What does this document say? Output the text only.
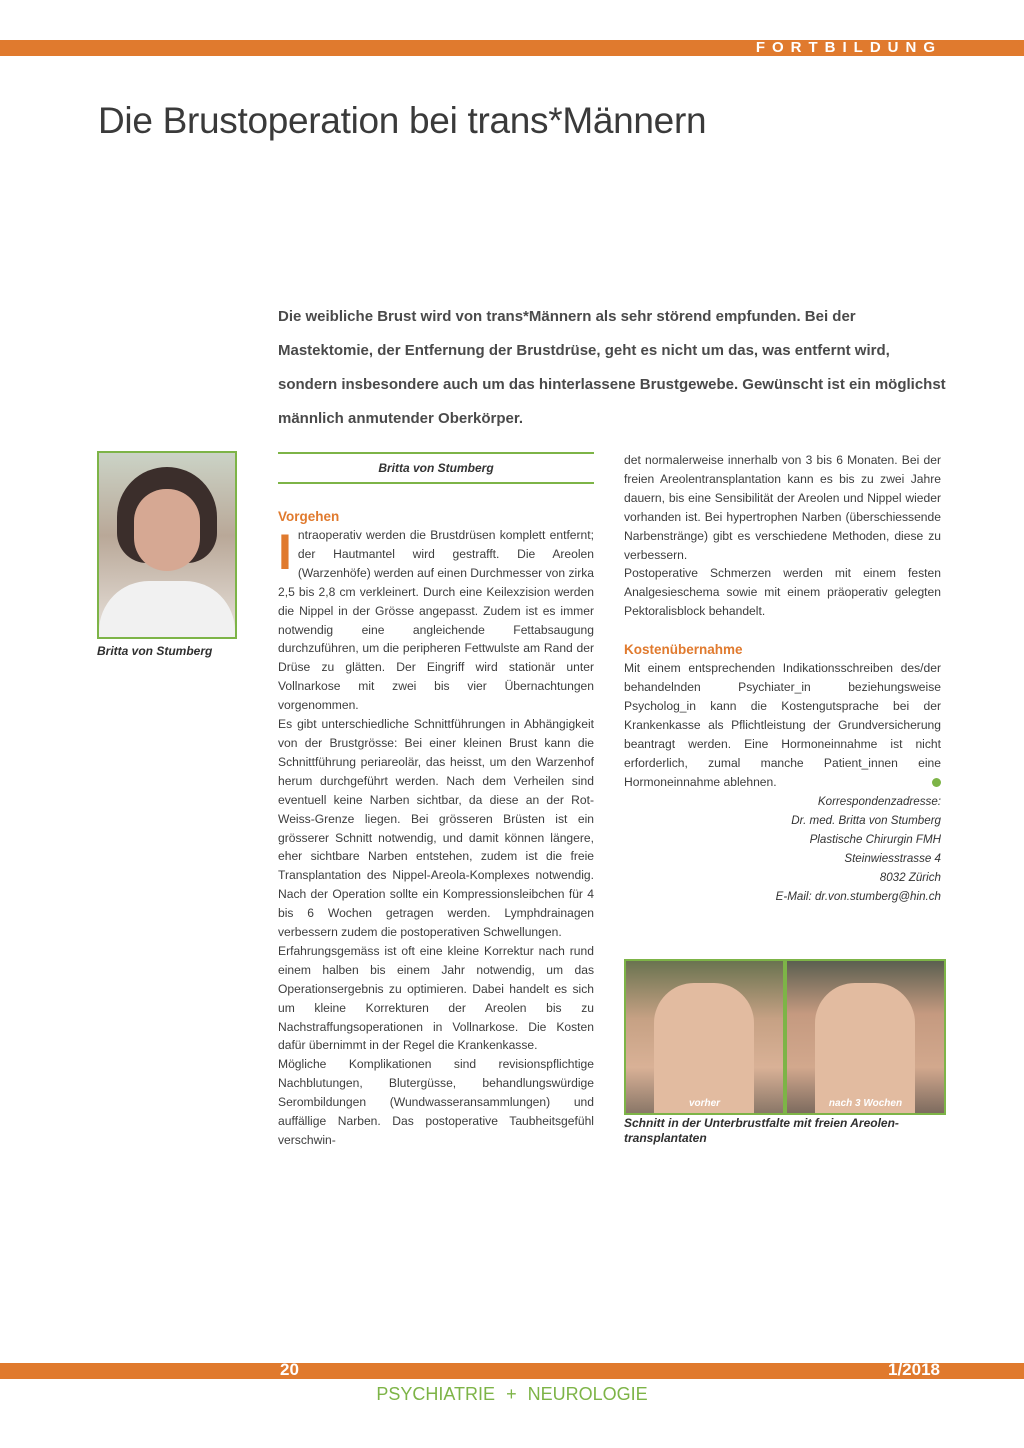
FORTBILDUNG
Die Brustoperation bei trans*Männern

Die weibliche Brust wird von trans*Männern als sehr störend empfunden. Bei der Mastektomie, der Entfernung der Brustdrüse, geht es nicht um das, was entfernt wird, sondern insbesondere auch um das hinterlassene Brustgewebe. Gewünscht ist ein möglichst männlich anmutender Oberkörper.

Britta von Stumberg

Britta von Stumberg
Vorgehen

Intraoperativ werden die Brustdrüsen komplett entfernt; der Hautmantel wird gestrafft. Die Areolen (Warzenhöfe) werden auf einen Durchmesser von zirka 2,5 bis 2,8 cm verkleinert. Durch eine Keilexzision werden die Nippel in der Grösse angepasst. Zudem ist es immer notwendig eine angleichende Fettabsaugung durchzuführen, um die peripheren Fettwulste am Rand der Drüse zu glätten. Der Eingriff wird stationär unter Vollnarkose mit zwei bis vier Übernachtungen vorgenommen.

Es gibt unterschiedliche Schnittführungen in Abhängigkeit von der Brustgrösse: Bei einer kleinen Brust kann die Schnittführung periareolär, das heisst, um den Warzenhof herum durchgeführt werden. Nach dem Verheilen sind eventuell keine Narben sichtbar, da diese an der Rot-Weiss-Grenze liegen. Bei grösseren Brüsten ist ein grösserer Schnitt notwendig, und damit können längere, eher sichtbare Narben entstehen, zudem ist die freie Transplantation des Nippel-Areola-Komplexes notwendig. Nach der Operation sollte ein Kompressionsleibchen für 4 bis 6 Wochen getragen werden. Lymphdrainagen verbessern zudem die postoperativen Schwellungen.

Erfahrungsgemäss ist oft eine kleine Korrektur nach rund einem halben bis einem Jahr notwendig, um das Operationsergebnis zu optimieren. Dabei handelt es sich um kleine Korrekturen der Areolen bis zu Nachstraffungsoperationen in Vollnarkose. Die Kosten dafür übernimmt in der Regel die Krankenkasse.

Mögliche Komplikationen sind revisionspflichtige Nachblutungen, Blutergüsse, behandlungswürdige Serombildungen (Wundwasseransammlungen) und auffällige Narben. Das postoperative Taubheitsgefühl verschwin-

det normalerweise innerhalb von 3 bis 6 Monaten. Bei der freien Areolentransplantation kann es bis zu zwei Jahre dauern, bis eine Sensibilität der Areolen und Nippel wieder vorhanden ist. Bei hypertrophen Narben (überschiessende Narbenstränge) gibt es verschiedene Methoden, diese zu verbessern.

Postoperative Schmerzen werden mit einem festen Analgesieschema sowie mit einem präoperativ gelegten Pektoralisblock behandelt.

Kostenübernahme

Mit einem entsprechenden Indikationsschreiben des/der behandelnden Psychiater_in beziehungsweise Psycholog_in kann die Kostengutsprache bei der Krankenkasse als Pflichtleistung der Grundversicherung beantragt werden. Eine Hormoneinnahme ist nicht erforderlich, zumal manche Patient_innen eine Hormoneinnahme ablehnen.

Korrespondenzadresse:

Dr. med. Britta von Stumberg

Plastische Chirurgin FMH

Steinwiesstrasse 4

8032 Zürich

E-Mail: dr.von.stumberg@hin.ch

vorher	nach 3 Wochen

Schnitt in der Unterbrustfalte mit freien Areolen-transplantaten

20	1/2018
PSYCHIATRIE + NEUROLOGIE
